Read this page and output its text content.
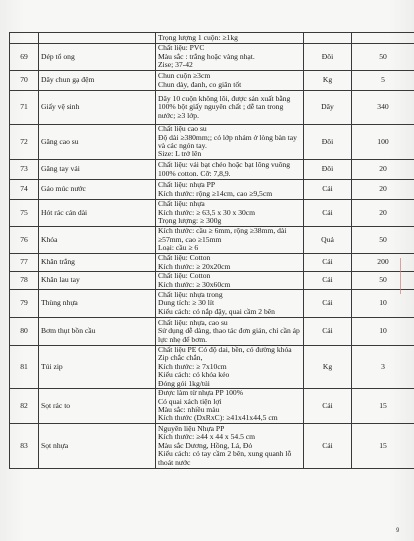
		Trọng lượng 1 cuộn: ≥1kg		

69	Dép tổ ong	Chất liệu: PVC
Màu sắc : trắng hoặc vàng nhạt.
Zise; 37-42	Đôi	50
70	Dây chun gạ đệm	Chun cuộn ≥3cm
Chun dày, đanh, co giãn tốt	Kg	5
71	Giấy vệ sinh	Dây 10 cuộn không lõi, được sản xuất bằng 100% bột giấy nguyên chất ; dễ tan trong nước; ≥3 lớp.	Dây	340
72	Găng cao su	Chất liệu cao su
Độ dài ≥380mm;; có lớp nhám ở lòng bàn tay và các ngón tay.
Size: L trở lên	Đôi	100
73	Găng tay vải	Chất liệu: vải bạt chéo hoặc bạt lông vuông 100% cotton. Cỡ: 7,8,9.	Đôi	20
74	Gáo múc nước	Chất liệu: nhựa PP
Kích thước: rộng ≥14cm, cao ≥9,5cm	Cái	20
75	Hót rác cán dài	Chất liệu: nhựa
Kích thước: ≥ 63,5 x 30 x 30cm
Trọng lượng: ≥ 300g	Cái	20
76	Khóa	Kích thước: cầu ≥ 6mm, rộng ≥38mm, dài ≥57mm, cao ≥15mm
Loại: cầu ≥ 6	Quả	50
77	Khăn trắng	Chất liệu: Cotton
Kích thước: ≥ 20x20cm	Cái	200
78	Khăn lau tay	Chất liệu: Cotton
Kích thước: ≥ 30x60cm	Cái	50
79	Thùng nhựa	Chất liệu: nhựa trong
Dung tích: ≥ 30 lít
Kiểu cách: có nắp đậy, quai cầm 2 bên	Cái	10
80	Bơm thụt bồn cầu	Chất liệu: nhựa, cao su
Sử dụng dễ dàng, thao tác đơn giản, chỉ cần áp lực nhẹ để bơm.	Cái	10
81	Túi zip	Chất liệu PE Có độ dai, bền, có đường khóa Zip chắc chắn,
Kích thước: ≥ 7x10cm
Kiểu cách: có khóa kéo
Đóng gói 1kg/túi	Kg	3
82	Sọt rác to	Được làm từ nhựa PP 100%
Có quai xách tiện lợi
Màu sắc: nhiều màu
Kích thước (DxRxC): ≥41x41x44,5 cm	Cái	15
83	Sọt nhựa	Nguyên liệu Nhựa PP
Kích thước: ≥44 x 44 x 54.5 cm
Màu sắc Dương, Hồng, Lá, Đỏ
Kiểu cách: có tay cầm 2 bên, xung quanh lỗ thoát nước	Cái	15
9
